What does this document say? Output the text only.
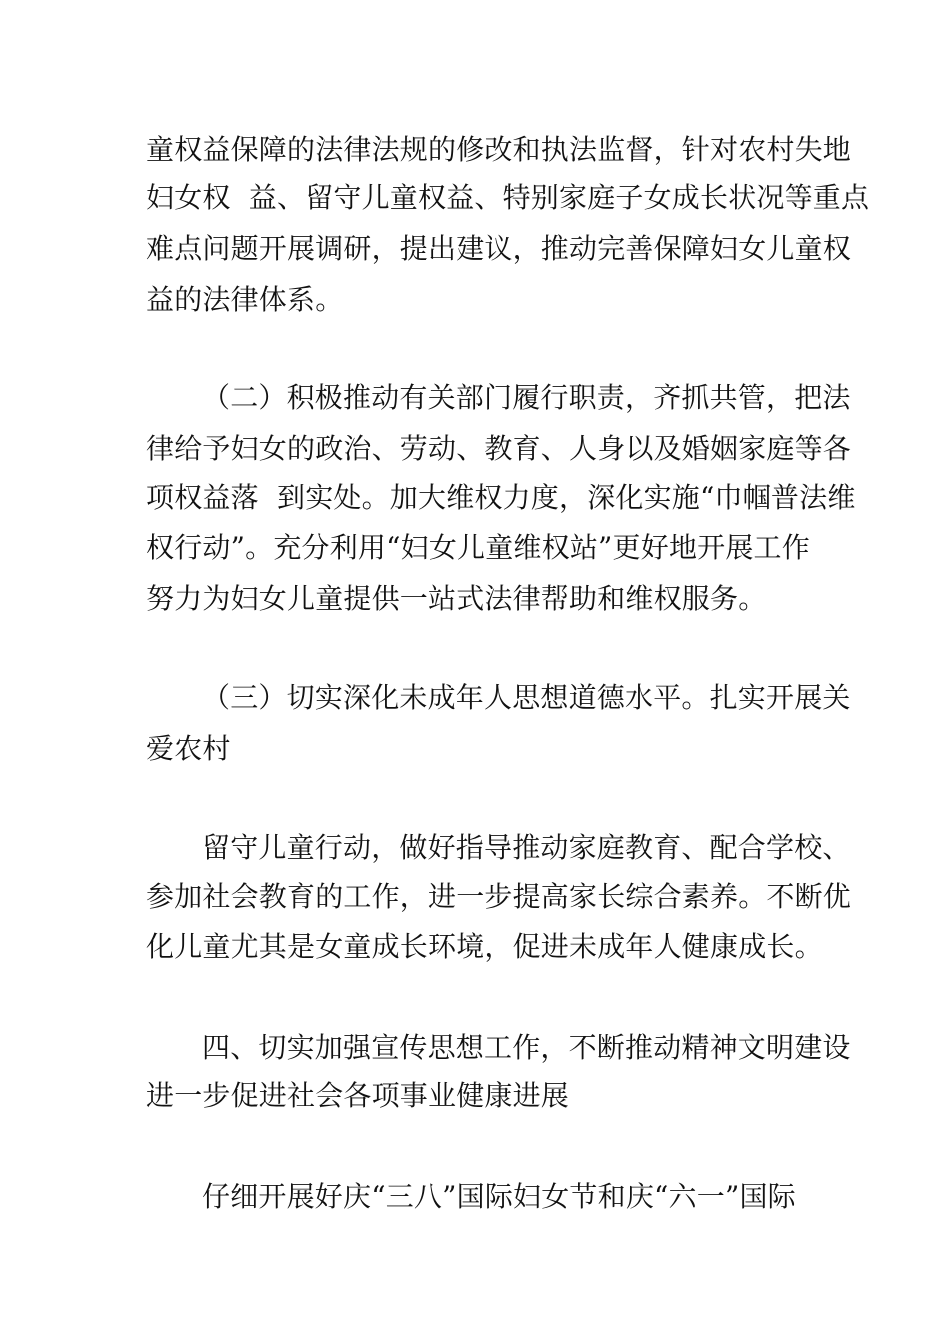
童权益保障的法律法规的修改和执法监督，针对农村失地
妇女权  益、留守儿童权益、特别家庭子女成长状况等重点
难点问题开展调研，提出建议，推动完善保障妇女儿童权
益的法律体系。
（二）积极推动有关部门履行职责，齐抓共管，把法
律给予妇女的政治、劳动、教育、人身以及婚姻家庭等各
项权益落  到实处。加大维权力度，深化实施“巾帼普法维
权行动”。充分利用“妇女儿童维权站”更好地开展工作
努力为妇女儿童提供一站式法律帮助和维权服务。
（三）切实深化未成年人思想道德水平。扎实开展关
爱农村
留守儿童行动，做好指导推动家庭教育、配合学校、
参加社会教育的工作，进一步提高家长综合素养。不断优
化儿童尤其是女童成长环境，促进未成年人健康成长。
四、切实加强宣传思想工作，不断推动精神文明建设
进一步促进社会各项事业健康进展
仔细开展好庆“三八”国际妇女节和庆“六一”国际
